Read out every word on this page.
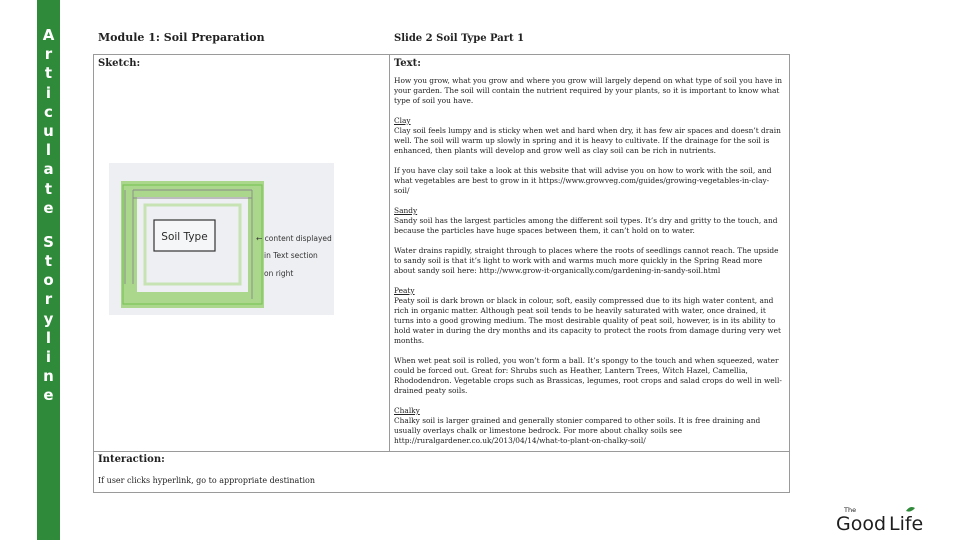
A
r
t
i
c
u
l
a
t
e
S
t
o
r
y
l
i
n
e
Module 1: Soil Preparation	Slide 2 Soil Type Part 1
Sketch:	Text:

How you grow, what you grow and where you grow will largely depend on what type of soil you have in your garden. The soil will contain the nutrient required by your plants, so it is important to know what type of soil you have.

Clay
Clay soil feels lumpy and is sticky when wet and hard when dry, it has few air spaces and doesn’t drain well. The soil will warm up slowly in spring and it is heavy to cultivate. If the drainage for the soil is enhanced, then plants will develop and grow well as clay soil can be rich in nutrients.

If you have clay soil take a look at this website that will advise you on how to work with the soil, and what vegetables are best to grow in it https://www.growveg.com/guides/growing-vegetables-in-clay-soil/

Sandy
Sandy soil has the largest particles among the different soil types. It’s dry and gritty to the touch, and because the particles have huge spaces between them, it can’t hold on to water.

Water drains rapidly, straight through to places where the roots of seedlings cannot reach. The upside to sandy soil is that it’s light to work with and warms much more quickly in the Spring Read more about sandy soil here: http://www.grow-it-organically.com/gardening-in-sandy-soil.html

Peaty
Peaty soil is dark brown or black in colour, soft, easily compressed due to its high water content, and rich in organic matter. Although peat soil tends to be heavily saturated with water, once drained, it turns into a good growing medium. The most desirable quality of peat soil, however, is in its ability to hold water in during the dry months and its capacity to protect the roots from damage during very wet months.

When wet peat soil is rolled, you won’t form a ball. It’s spongy to the touch and when squeezed, water could be forced out. Great for: Shrubs such as Heather, Lantern Trees, Witch Hazel, Camellia, Rhododendron. Vegetable crops such as Brassicas, legumes, root crops and salad crops do well in well-drained peaty soils.

Chalky
Chalky soil is larger grained and generally stonier compared to other soils. It is free draining and usually overlays chalk or limestone bedrock. For more about chalky soils see http://ruralgardener.co.uk/2013/04/14/what-to-plant-on-chalky-soil/

Interaction:
If user clicks hyperlink, go to appropriate destination
Soil Type	← content displayed
in Text section
on right
Good
The
Life
